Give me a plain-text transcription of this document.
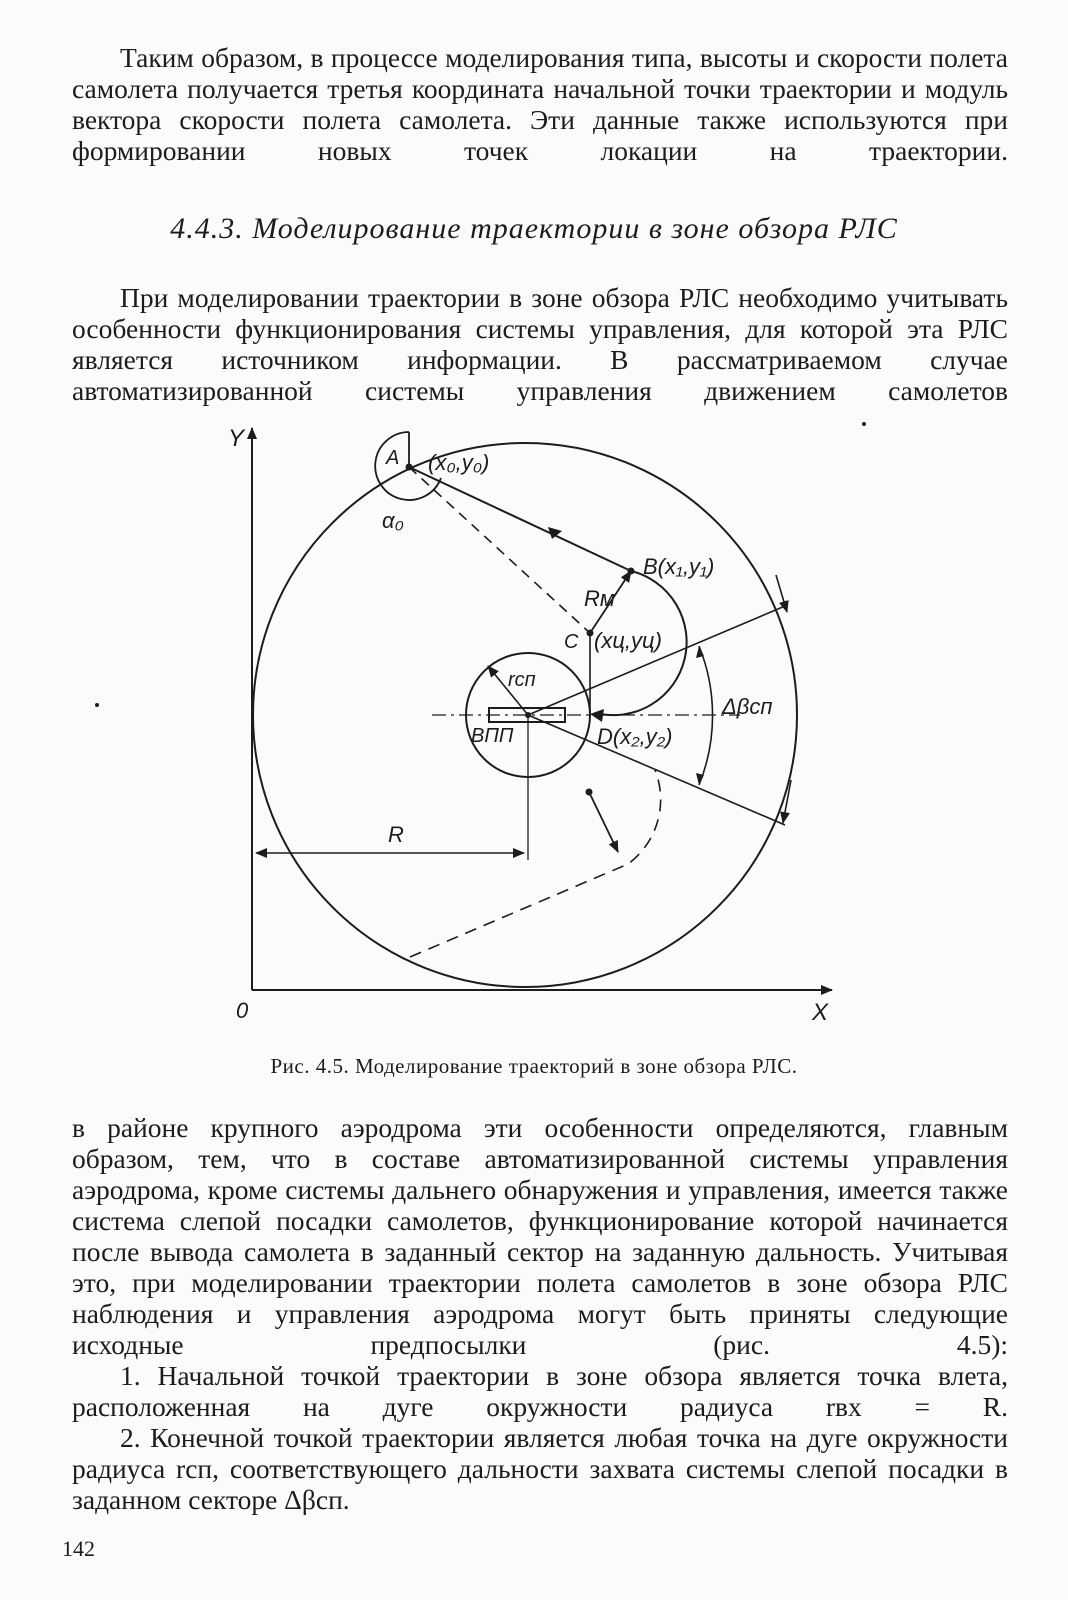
Таким образом, в процессе моделирования типа, высоты и скорости полета самолета получается третья координата начальной точки траектории и модуль вектора скорости полета самолета. Эти данные также используются при формировании новых точек локации на траектории.

4.4.3. Моделирование траектории в зоне обзора РЛС

При моделировании траектории в зоне обзора РЛС необходимо учитывать особенности функционирования системы управления, для которой эта РЛС является источником информации. В рассматриваемом случае автоматизированной системы управления движением самолетов

Y
X
0
A (x₀,y₀)
α₀
B(x₁,y₁)
Rм
C (xц,yц)
rсп
ВПП	D(x₂,y₂)
Δβсп
R
Рис. 4.5. Моделирование траекторий в зоне обзора РЛС.

в районе крупного аэродрома эти особенности определяются, главным образом, тем, что в составе автоматизированной системы управления аэродрома, кроме системы дальнего обнаружения и управления, имеется также система слепой посадки самолетов, функционирование которой начинается после вывода самолета в заданный сектор на заданную дальность. Учитывая это, при моделировании траектории полета самолетов в зоне обзора РЛС наблюдения и управления аэродрома могут быть приняты следующие исходные предпосылки (рис. 4.5):

1. Начальной точкой траектории в зоне обзора является точка влета, расположенная на дуге окружности радиуса rвх = R.

2. Конечной точкой траектории является любая точка на дуге окружности радиуса rсп, соответствующего дальности захвата системы слепой посадки в заданном секторе Δβсп.

142
